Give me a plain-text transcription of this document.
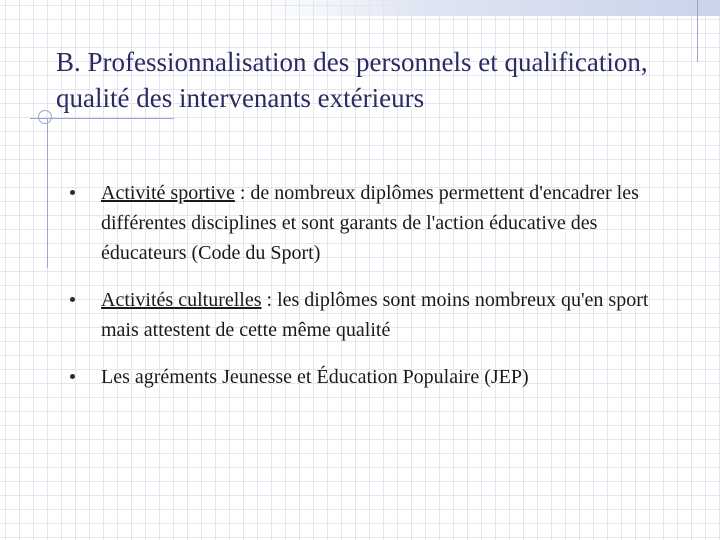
B. Professionnalisation des personnels et qualification, qualité des intervenants extérieurs
Activité sportive : de nombreux diplômes permettent d'encadrer les différentes disciplines et sont garants de l'action éducative des éducateurs (Code du Sport)
Activités culturelles : les diplômes sont moins nombreux qu'en sport mais attestent de cette même qualité
Les agréments Jeunesse et Éducation Populaire (JEP)
